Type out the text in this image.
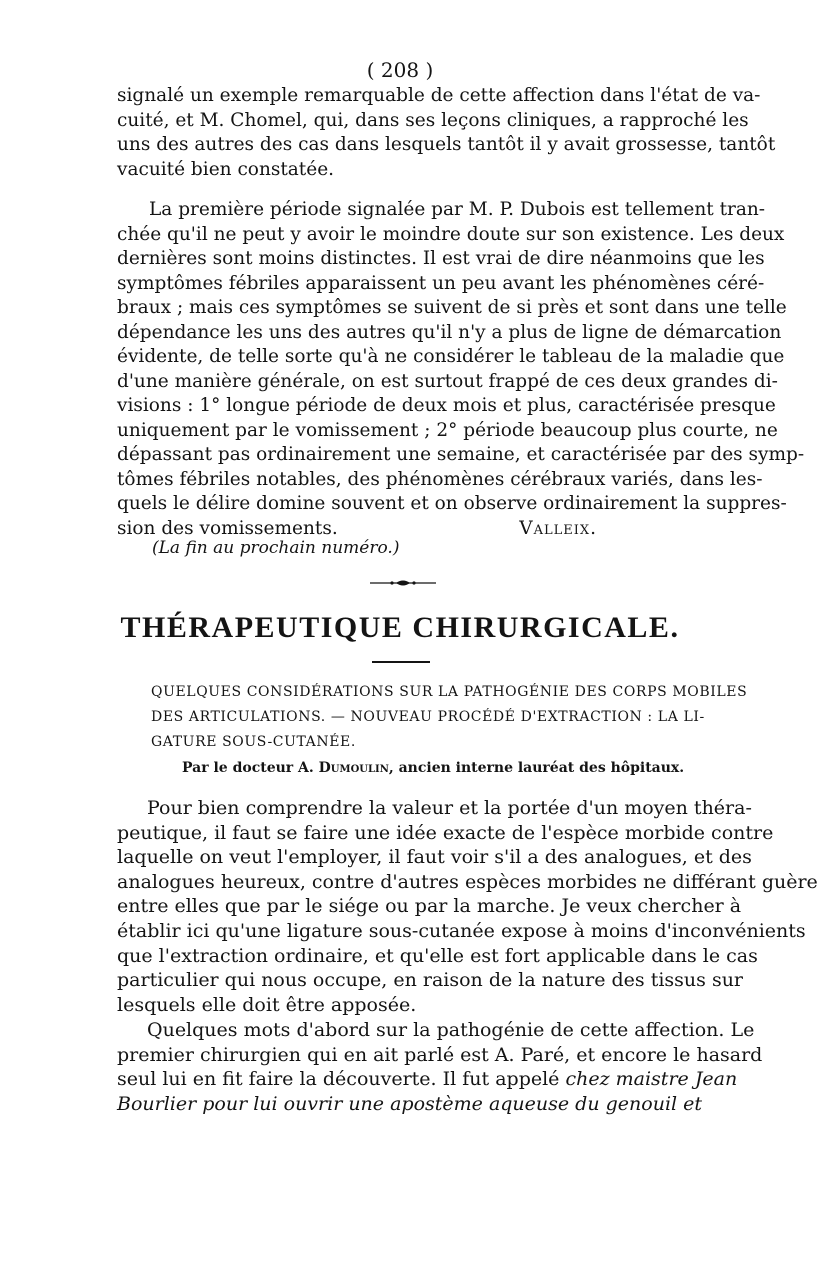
( 208 )
signalé un exemple remarquable de cette affection dans l'état de va-
cuité, et M. Chomel, qui, dans ses leçons cliniques, a rapproché les
uns des autres des cas dans lesquels tantôt il y avait grossesse, tantôt
vacuité bien constatée.
La première période signalée par M. P. Dubois est tellement tran-
chée qu'il ne peut y avoir le moindre doute sur son existence. Les deux
dernières sont moins distinctes. Il est vrai de dire néanmoins que les
symptômes fébriles apparaissent un peu avant les phénomènes céré-
braux ; mais ces symptômes se suivent de si près et sont dans une telle
dépendance les uns des autres qu'il n'y a plus de ligne de démarcation
évidente, de telle sorte qu'à ne considérer le tableau de la maladie que
d'une manière générale, on est surtout frappé de ces deux grandes di-
visions : 1° longue période de deux mois et plus, caractérisée presque
uniquement par le vomissement ; 2° période beaucoup plus courte, ne
dépassant pas ordinairement une semaine, et caractérisée par des symp-
tômes fébriles notables, des phénomènes cérébraux variés, dans les-
quels le délire domine souvent et on observe ordinairement la suppres-
sion des vomissements.	Valleix.
(La fin au prochain numéro.)
THÉRAPEUTIQUE CHIRURGICALE.
QUELQUES CONSIDÉRATIONS SUR LA PATHOGÉNIE DES CORPS MOBILES
DES ARTICULATIONS. — NOUVEAU PROCÉDÉ D'EXTRACTION : LA LI-
GATURE SOUS-CUTANÉE.
Par le docteur A. Dumoulin, ancien interne lauréat des hôpitaux.
Pour bien comprendre la valeur et la portée d'un moyen théra-
peutique, il faut se faire une idée exacte de l'espèce morbide contre
laquelle on veut l'employer, il faut voir s'il a des analogues, et des
analogues heureux, contre d'autres espèces morbides ne différant guère
entre elles que par le siége ou par la marche. Je veux chercher à
établir ici qu'une ligature sous-cutanée expose à moins d'inconvénients
que l'extraction ordinaire, et qu'elle est fort applicable dans le cas
particulier qui nous occupe, en raison de la nature des tissus sur
lesquels elle doit être apposée.
Quelques mots d'abord sur la pathogénie de cette affection. Le
premier chirurgien qui en ait parlé est A. Paré, et encore le hasard
seul lui en fit faire la découverte. Il fut appelé chez maistre Jean
Bourlier pour lui ouvrir une apostème aqueuse du genouil et
